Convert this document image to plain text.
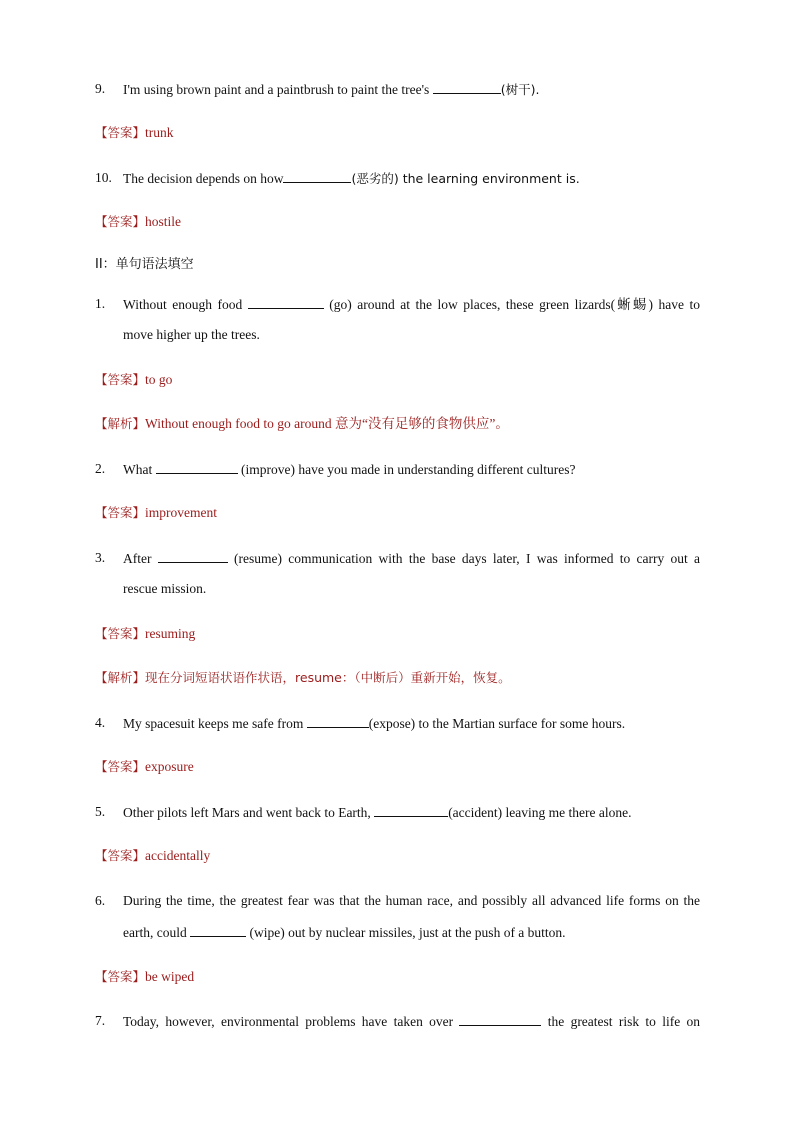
9. I'm using brown paint and a paintbrush to paint the tree's	(树干).
【答案】trunk
10. The decision depends on how	(恶劣的) the learning environment is.
【答案】hostile
II：单句语法填空
1. Without enough food	(go) around at the low places, these green lizards(蜥蜴) have to
move higher up the trees.
【答案】to go
【解析】Without enough food to go around 意为“没有足够的食物供应”。
2. What	(improve) have you made in understanding different cultures?
【答案】improvement
3. After	(resume) communication with the base days later, I was informed to carry out a
rescue mission.
【答案】resuming
【解析】现在分词短语状语作状语，resume：（中断后）重新开始，恢复。
4. My spacesuit keeps me safe from	(expose) to the Martian surface for some hours.
【答案】exposure
5. Other pilots left Mars and went back to Earth,	(accident) leaving me there alone.
【答案】accidentally
6. During the time, the greatest fear was that the human race, and possibly all advanced life forms on the
earth, could	(wipe) out by nuclear missiles, just at the push of a button.
【答案】be wiped
7. Today, however, environmental problems have taken over	the greatest risk to life on
